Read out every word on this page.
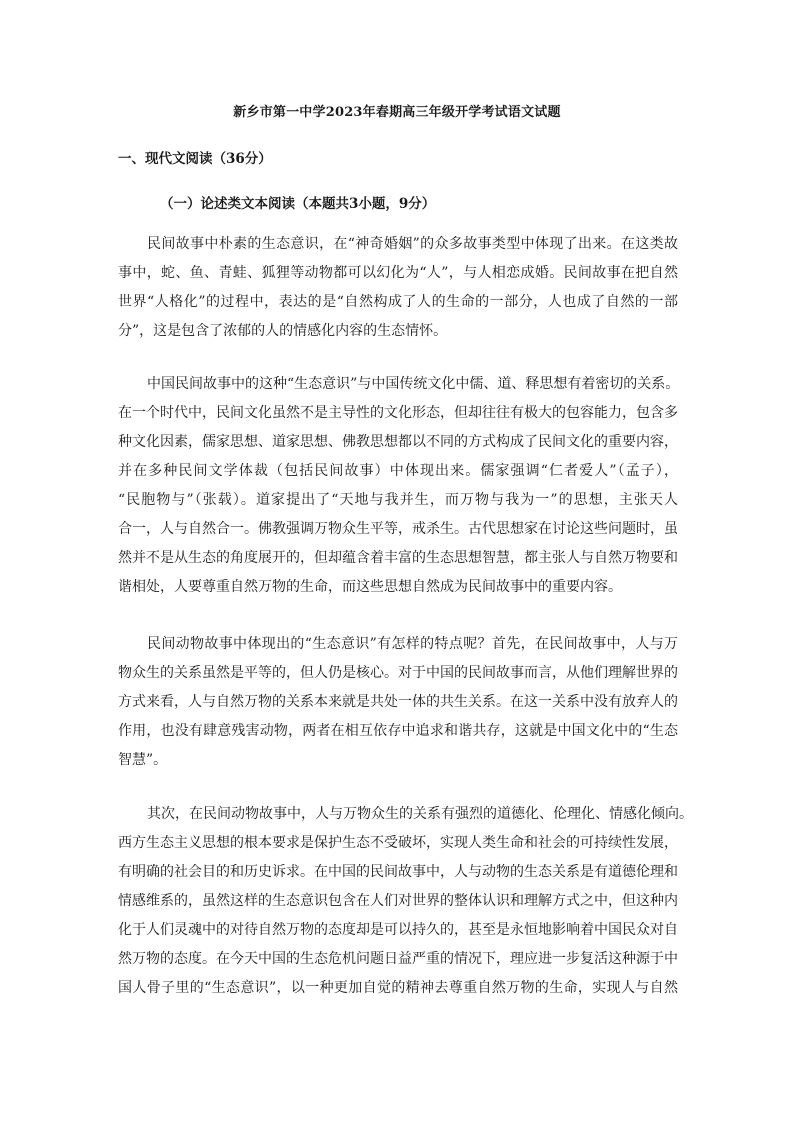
新乡市第一中学2023年春期高三年级开学考试语文试题
一、现代文阅读（36分）
（一）论述类文本阅读（本题共3小题，9分）
民间故事中朴素的生态意识，在“神奇婚姻”的众多故事类型中体现了出来。在这类故
事中，蛇、鱼、青蛙、狐狸等动物都可以幻化为“人”，与人相恋成婚。民间故事在把自然
世界“人格化”的过程中，表达的是“自然构成了人的生命的一部分，人也成了自然的一部
分”，这是包含了浓郁的人的情感化内容的生态情怀。
中国民间故事中的这种“生态意识”与中国传统文化中儒、道、释思想有着密切的关系。
在一个时代中，民间文化虽然不是主导性的文化形态，但却往往有极大的包容能力，包含多
种文化因素，儒家思想、道家思想、佛教思想都以不同的方式构成了民间文化的重要内容，
并在多种民间文学体裁（包括民间故事）中体现出来。儒家强调“仁者爱人”（孟子），
“民胞物与”（张载）。道家提出了“天地与我并生，而万物与我为一”的思想，主张天人
合一，人与自然合一。佛教强调万物众生平等，戒杀生。古代思想家在讨论这些问题时，虽
然并不是从生态的角度展开的，但却蕴含着丰富的生态思想智慧，都主张人与自然万物要和
谐相处，人要尊重自然万物的生命，而这些思想自然成为民间故事中的重要内容。
民间动物故事中体现出的“生态意识”有怎样的特点呢？首先，在民间故事中，人与万
物众生的关系虽然是平等的，但人仍是核心。对于中国的民间故事而言，从他们理解世界的
方式来看，人与自然万物的关系本来就是共处一体的共生关系。在这一关系中没有放弃人的
作用，也没有肆意残害动物，两者在相互依存中追求和谐共存，这就是中国文化中的“生态
智慧”。
其次，在民间动物故事中，人与万物众生的关系有强烈的道德化、伦理化、情感化倾向。
西方生态主义思想的根本要求是保护生态不受破坏，实现人类生命和社会的可持续性发展，
有明确的社会目的和历史诉求。在中国的民间故事中，人与动物的生态关系是有道德伦理和
情感维系的，虽然这样的生态意识包含在人们对世界的整体认识和理解方式之中，但这种内
化于人们灵魂中的对待自然万物的态度却是可以持久的，甚至是永恒地影响着中国民众对自
然万物的态度。在今天中国的生态危机问题日益严重的情况下，理应进一步复活这种源于中
国人骨子里的“生态意识”，以一种更加自觉的精神去尊重自然万物的生命，实现人与自然
